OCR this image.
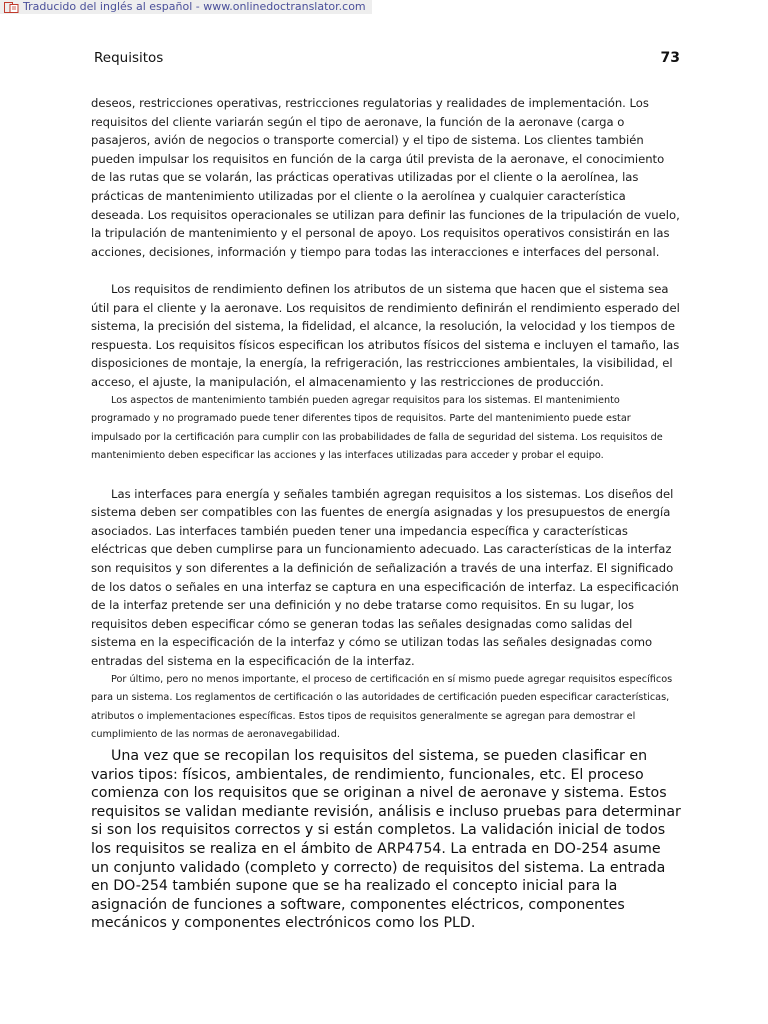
Traducido del inglés al español - www.onlinedoctranslator.com
Requisitos	73

deseos, restricciones operativas, restricciones regulatorias y realidades de implementación. Los requisitos del cliente variarán según el tipo de aeronave, la función de la aeronave (carga o pasajeros, avión de negocios o transporte comercial) y el tipo de sistema. Los clientes también pueden impulsar los requisitos en función de la carga útil prevista de la aeronave, el conocimiento de las rutas que se volarán, las prácticas operativas utilizadas por el cliente o la aerolínea, las prácticas de mantenimiento utilizadas por el cliente o la aerolínea y cualquier característica deseada. Los requisitos operacionales se utilizan para definir las funciones de la tripulación de vuelo, la tripulación de mantenimiento y el personal de apoyo. Los requisitos operativos consistirán en las acciones, decisiones, información y tiempo para todas las interacciones e interfaces del personal.

Los requisitos de rendimiento definen los atributos de un sistema que hacen que el sistema sea útil para el cliente y la aeronave. Los requisitos de rendimiento definirán el rendimiento esperado del sistema, la precisión del sistema, la fidelidad, el alcance, la resolución, la velocidad y los tiempos de respuesta. Los requisitos físicos especifican los atributos físicos del sistema e incluyen el tamaño, las disposiciones de montaje, la energía, la refrigeración, las restricciones ambientales, la visibilidad, el acceso, el ajuste, la manipulación, el almacenamiento y las restricciones de producción.

Los aspectos de mantenimiento también pueden agregar requisitos para los sistemas. El mantenimiento programado y no programado puede tener diferentes tipos de requisitos. Parte del mantenimiento puede estar impulsado por la certificación para cumplir con las probabilidades de falla de seguridad del sistema. Los requisitos de mantenimiento deben especificar las acciones y las interfaces utilizadas para acceder y probar el equipo.

Las interfaces para energía y señales también agregan requisitos a los sistemas. Los diseños del sistema deben ser compatibles con las fuentes de energía asignadas y los presupuestos de energía asociados. Las interfaces también pueden tener una impedancia específica y características eléctricas que deben cumplirse para un funcionamiento adecuado. Las características de la interfaz son requisitos y son diferentes a la definición de señalización a través de una interfaz. El significado de los datos o señales en una interfaz se captura en una especificación de interfaz. La especificación de la interfaz pretende ser una definición y no debe tratarse como requisitos. En su lugar, los requisitos deben especificar cómo se generan todas las señales designadas como salidas del sistema en la especificación de la interfaz y cómo se utilizan todas las señales designadas como entradas del sistema en la especificación de la interfaz.

Por último, pero no menos importante, el proceso de certificación en sí mismo puede agregar requisitos específicos para un sistema. Los reglamentos de certificación o las autoridades de certificación pueden especificar características, atributos o implementaciones específicas. Estos tipos de requisitos generalmente se agregan para demostrar el cumplimiento de las normas de aeronavegabilidad.

Una vez que se recopilan los requisitos del sistema, se pueden clasificar en varios tipos: físicos, ambientales, de rendimiento, funcionales, etc. El proceso comienza con los requisitos que se originan a nivel de aeronave y sistema. Estos requisitos se validan mediante revisión, análisis e incluso pruebas para determinar si son los requisitos correctos y si están completos. La validación inicial de todos los requisitos se realiza en el ámbito de ARP4754. La entrada en DO-254 asume un conjunto validado (completo y correcto) de requisitos del sistema. La entrada en DO-254 también supone que se ha realizado el concepto inicial para la asignación de funciones a software, componentes eléctricos, componentes mecánicos y componentes electrónicos como los PLD.
